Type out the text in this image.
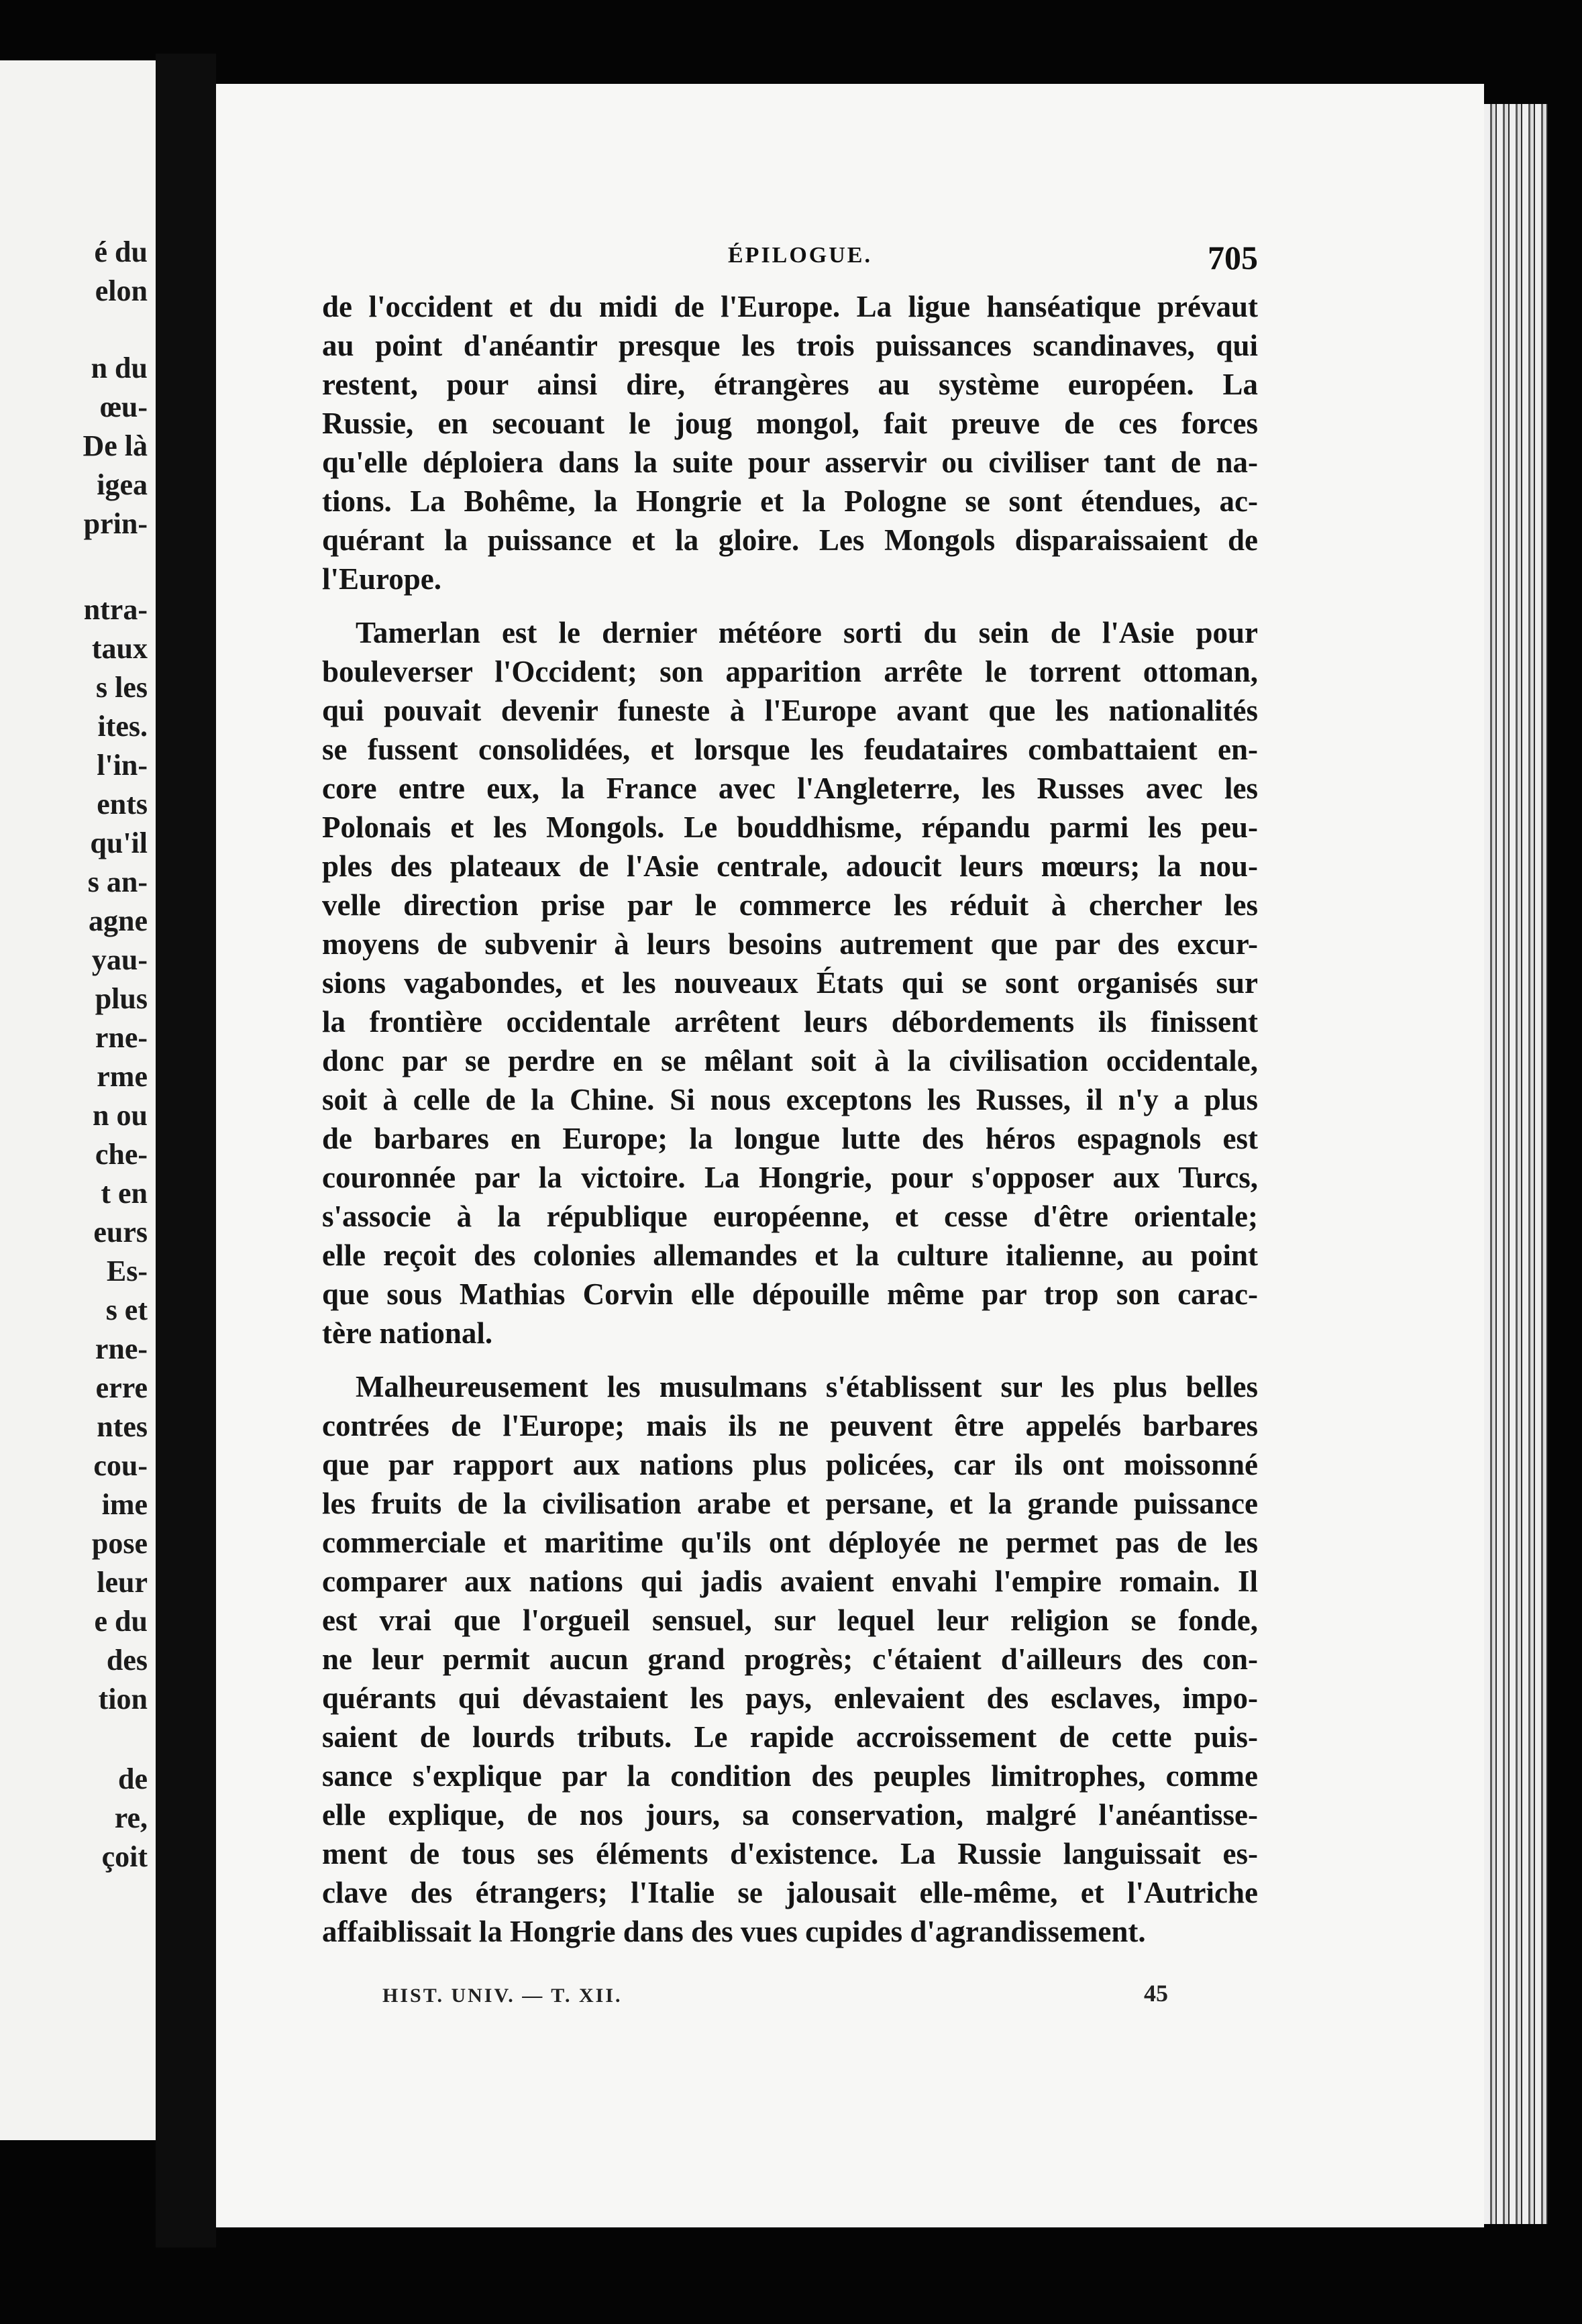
é du
elon
n du
œu-
De là
igea
prin-
ntra-
taux
s les
ites.
l'in-
ents
qu'il
s an-
agne
yau-
plus
rne-
rme
n ou
che-
t en
eurs
Es-
s et
rne-
erre
ntes
cou-
ime
pose
leur
e du
des
tion
de
re,
çoit
ÉPILOGUE.	705
de l'occident et du midi de l'Europe. La ligue hanséatique prévaut
au point d'anéantir presque les trois puissances scandinaves, qui
restent, pour ainsi dire, étrangères au système européen. La
Russie, en secouant le joug mongol, fait preuve de ces forces
qu'elle déploiera dans la suite pour asservir ou civiliser tant de na-
tions. La Bohême, la Hongrie et la Pologne se sont étendues, ac-
quérant la puissance et la gloire. Les Mongols disparaissaient de
l'Europe.
Tamerlan est le dernier météore sorti du sein de l'Asie pour
bouleverser l'Occident; son apparition arrête le torrent ottoman,
qui pouvait devenir funeste à l'Europe avant que les nationalités
se fussent consolidées, et lorsque les feudataires combattaient en-
core entre eux, la France avec l'Angleterre, les Russes avec les
Polonais et les Mongols. Le bouddhisme, répandu parmi les peu-
ples des plateaux de l'Asie centrale, adoucit leurs mœurs; la nou-
velle direction prise par le commerce les réduit à chercher les
moyens de subvenir à leurs besoins autrement que par des excur-
sions vagabondes, et les nouveaux États qui se sont organisés sur
la frontière occidentale arrêtent leurs débordements ils finissent
donc par se perdre en se mêlant soit à la civilisation occidentale,
soit à celle de la Chine. Si nous exceptons les Russes, il n'y a plus
de barbares en Europe; la longue lutte des héros espagnols est
couronnée par la victoire. La Hongrie, pour s'opposer aux Turcs,
s'associe à la république européenne, et cesse d'être orientale;
elle reçoit des colonies allemandes et la culture italienne, au point
que sous Mathias Corvin elle dépouille même par trop son carac-
tère national.
Malheureusement les musulmans s'établissent sur les plus belles
contrées de l'Europe; mais ils ne peuvent être appelés barbares
que par rapport aux nations plus policées, car ils ont moissonné
les fruits de la civilisation arabe et persane, et la grande puissance
commerciale et maritime qu'ils ont déployée ne permet pas de les
comparer aux nations qui jadis avaient envahi l'empire romain. Il
est vrai que l'orgueil sensuel, sur lequel leur religion se fonde,
ne leur permit aucun grand progrès; c'étaient d'ailleurs des con-
quérants qui dévastaient les pays, enlevaient des esclaves, impo-
saient de lourds tributs. Le rapide accroissement de cette puis-
sance s'explique par la condition des peuples limitrophes, comme
elle explique, de nos jours, sa conservation, malgré l'anéantisse-
ment de tous ses éléments d'existence. La Russie languissait es-
clave des étrangers; l'Italie se jalousait elle-même, et l'Autriche
affaiblissait la Hongrie dans des vues cupides d'agrandissement.
HIST. UNIV. — T. XII.	45
